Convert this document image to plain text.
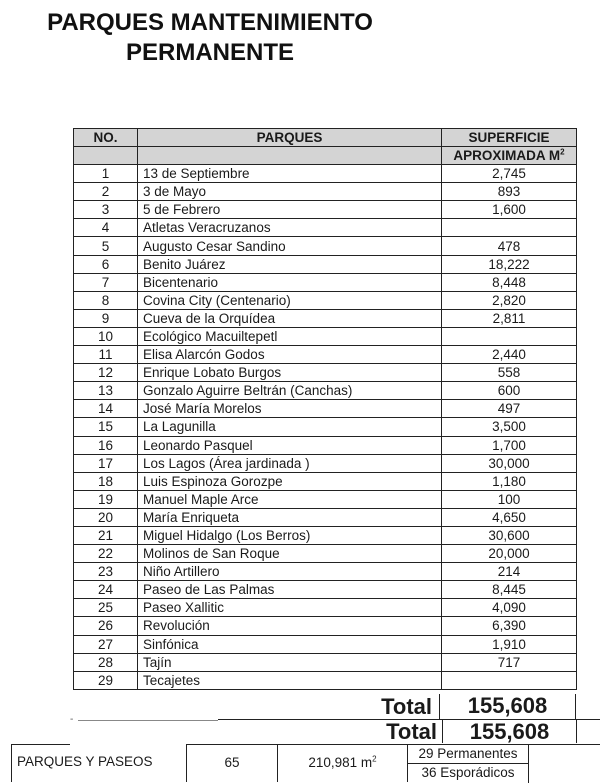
PARQUES MANTENIMIENTO
PERMANENTE
NO.	PARQUES	SUPERFICIE
		APROXIMADA $M^2$
1	13 de Septiembre	2,745
2	3 de Mayo	893
3	5 de Febrero	1,600
4	Atletas Veracruzanos	
5	Augusto Cesar Sandino	478
6	Benito Juárez	18,222
7	Bicentenario	8,448
8	Covina City (Centenario)	2,820
9	Cueva de la Orquídea	2,811
10	Ecológico Macuiltepetl	
11	Elisa Alarcón Godos	2,440
12	Enrique Lobato Burgos	558
13	Gonzalo Aguirre Beltrán (Canchas)	600
14	José María Morelos	497
15	La Lagunilla	3,500
16	Leonardo Pasquel	1,700
17	Los Lagos (Área jardinada )	30,000
18	Luis Espinoza Gorozpe	1,180
19	Manuel Maple Arce	100
20	María Enriqueta	4,650
21	Miguel Hidalgo (Los Berros)	30,600
22	Molinos de San Roque	20,000
23	Niño Artillero	214
24	Paseo de Las Palmas	8,445
25	Paseo Xallitic	4,090
26	Revolución	6,390
27	Sinfónica	1,910
28	Tajín	717
29	Tecajetes	
Total	155,608
-	Total	155,608
PARQUES Y PASEOS	65	210,981 $m^2$	29 Permanentes
36 Esporádicos
